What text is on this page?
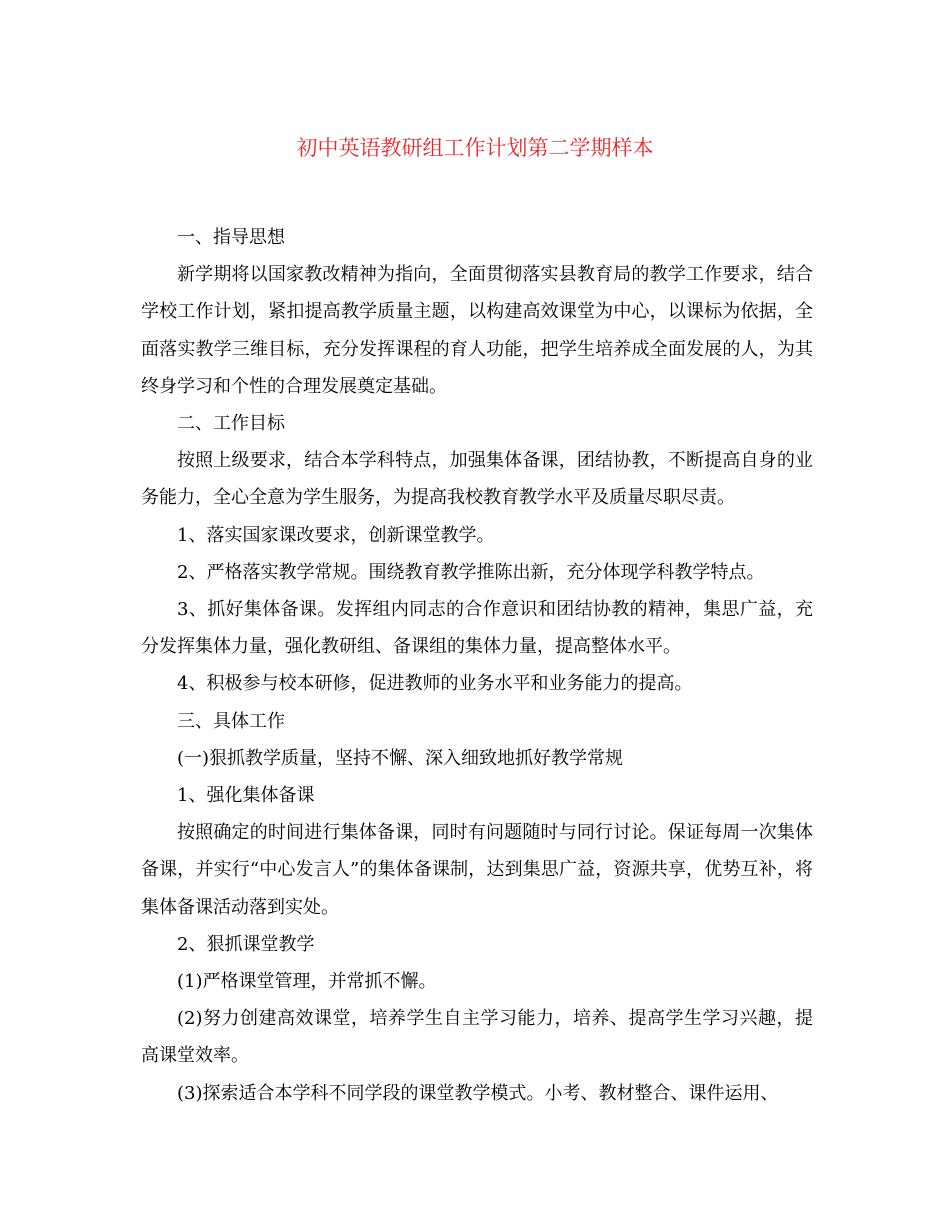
初中英语教研组工作计划第二学期样本

一、指导思想

新学期将以国家教改精神为指向，全面贯彻落实县教育局的教学工作要求，结合学校工作计划，紧扣提高教学质量主题，以构建高效课堂为中心，以课标为依据，全面落实教学三维目标，充分发挥课程的育人功能，把学生培养成全面发展的人，为其终身学习和个性的合理发展奠定基础。

二、工作目标

按照上级要求，结合本学科特点，加强集体备课，团结协教，不断提高自身的业务能力，全心全意为学生服务，为提高我校教育教学水平及质量尽职尽责。

1、落实国家课改要求，创新课堂教学。

2、严格落实教学常规。围绕教育教学推陈出新，充分体现学科教学特点。

3、抓好集体备课。发挥组内同志的合作意识和团结协教的精神，集思广益，充分发挥集体力量，强化教研组、备课组的集体力量，提高整体水平。

4、积极参与校本研修，促进教师的业务水平和业务能力的提高。

三、具体工作

(一)狠抓教学质量，坚持不懈、深入细致地抓好教学常规

1、强化集体备课

按照确定的时间进行集体备课，同时有问题随时与同行讨论。保证每周一次集体备课，并实行“中心发言人”的集体备课制，达到集思广益，资源共享，优势互补，将集体备课活动落到实处。

2、狠抓课堂教学

(1)严格课堂管理，并常抓不懈。

(2)努力创建高效课堂，培养学生自主学习能力，培养、提高学生学习兴趣，提高课堂效率。

(3)探索适合本学科不同学段的课堂教学模式。小考、教材整合、课件运用、
